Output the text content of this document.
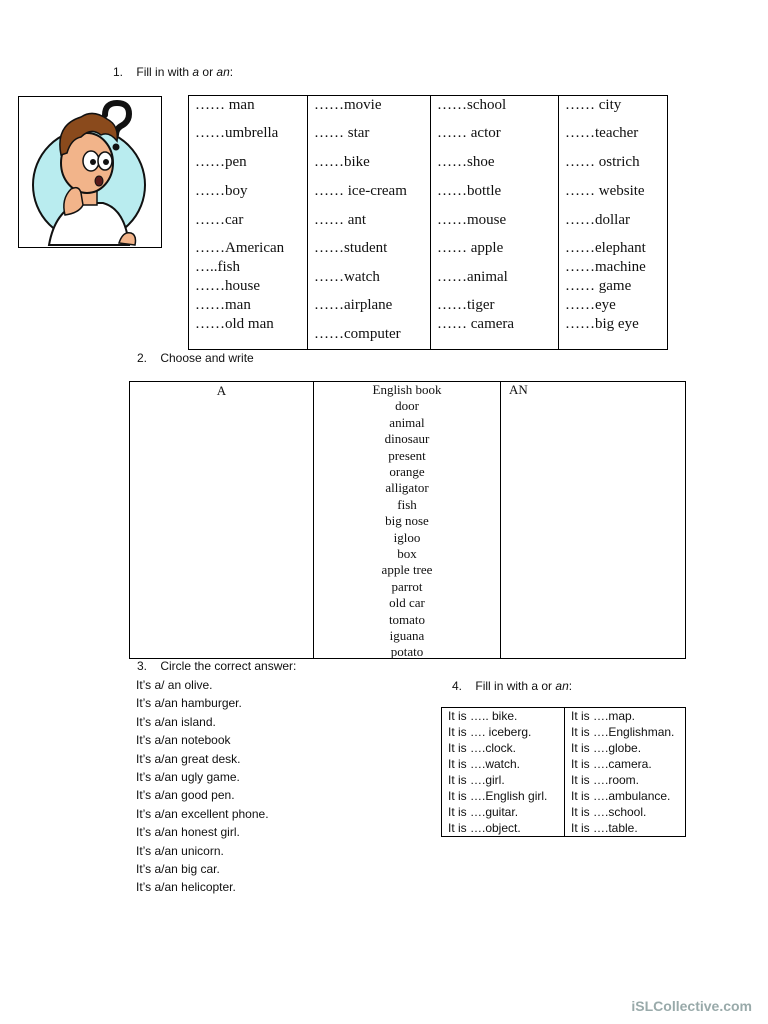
1. Fill in with a or an:
…… man
……umbrella
……pen
……boy
……car
……American
…..fish
……house
……man
……old man
……movie
…… star
……bike
…… ice-cream
…… ant
……student
……watch
……airplane
……computer
……school
…… actor
……shoe
……bottle
……mouse
…… apple
……animal
……tiger
…… camera
…… city
……teacher
…… ostrich
…… website
……dollar
……elephant
……machine
…… game
……eye
……big eye
2.    Choose and write
A	English book
door
animal
dinosaur
present
orange
alligator
fish
big nose
igloo
box
apple tree
parrot
old car
tomato
iguana
potato
AN
3.    Circle the correct answer:
It’s a/ an olive.
It’s a/an hamburger.
It’s a/an island.
It’s a/an notebook
It’s a/an great desk.
It’s a/an ugly game.
It’s a/an good pen.
It’s a/an excellent phone.
It’s a/an honest girl.
It’s a/an unicorn.
It’s a/an big car.
It’s a/an helicopter.
4. Fill in with a or an:
It is ….. bike.
It is …. iceberg.
It is ….clock.
It is ….watch.
It is ….girl.
It is ….English girl.
It is ….guitar.
It is ….object.
It is ….map.
It is ….Englishman.
It is ….globe.
It is ….camera.
It is ….room.
It is ….ambulance.
It is ….school.
It is ….table.
iSLCollective.com
